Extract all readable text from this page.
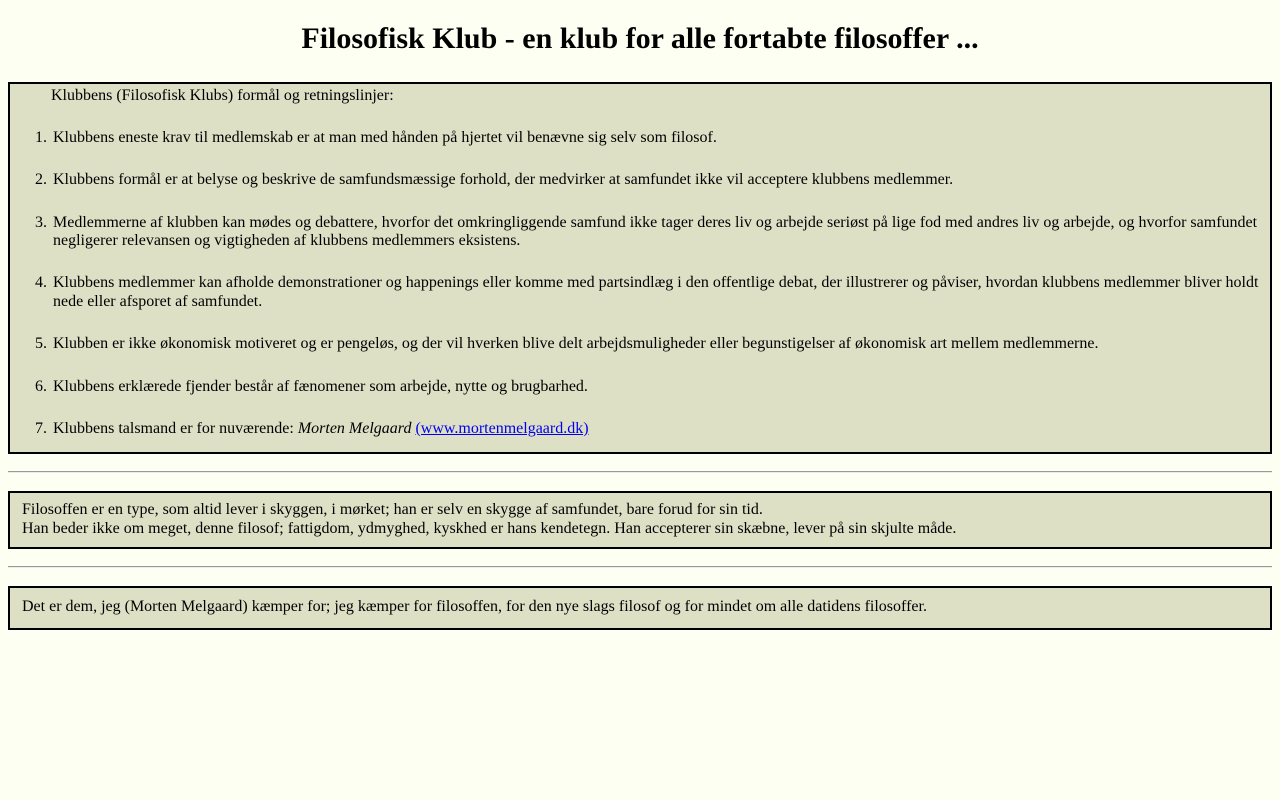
Filosofisk Klub - en klub for alle fortabte filosoffer ...
Klubbens (Filosofisk Klubs) formål og retningslinjer:
1. Klubbens eneste krav til medlemskab er at man med hånden på hjertet vil benævne sig selv som filosof.
2. Klubbens formål er at belyse og beskrive de samfundsmæssige forhold, der medvirker at samfundet ikke vil acceptere klubbens medlemmer.
3. Medlemmerne af klubben kan mødes og debattere, hvorfor det omkringliggende samfund ikke tager deres liv og arbejde seriøst på lige fod med andres liv og arbejde, og hvorfor samfundet negligerer relevansen og vigtigheden af klubbens medlemmers eksistens.
4. Klubbens medlemmer kan afholde demonstrationer og happenings eller komme med partsindlæg i den offentlige debat, der illustrerer og påviser, hvordan klubbens medlemmer bliver holdt nede eller afsporet af samfundet.
5. Klubben er ikke økonomisk motiveret og er pengeløs, og der vil hverken blive delt arbejdsmuligheder eller begunstigelser af økonomisk art mellem medlemmerne.
6. Klubbens erklærede fjender består af fænomener som arbejde, nytte og brugbarhed.
7. Klubbens talsmand er for nuværende: Morten Melgaard (www.mortenmelgaard.dk)
Filosoffen er en type, som altid lever i skyggen, i mørket; han er selv en skygge af samfundet, bare forud for sin tid.
Han beder ikke om meget, denne filosof; fattigdom, ydmyghed, kyskhed er hans kendetegn. Han accepterer sin skæbne, lever på sin skjulte måde.
Det er dem, jeg (Morten Melgaard) kæmper for; jeg kæmper for filosoffen, for den nye slags filosof og for mindet om alle datidens filosoffer.
